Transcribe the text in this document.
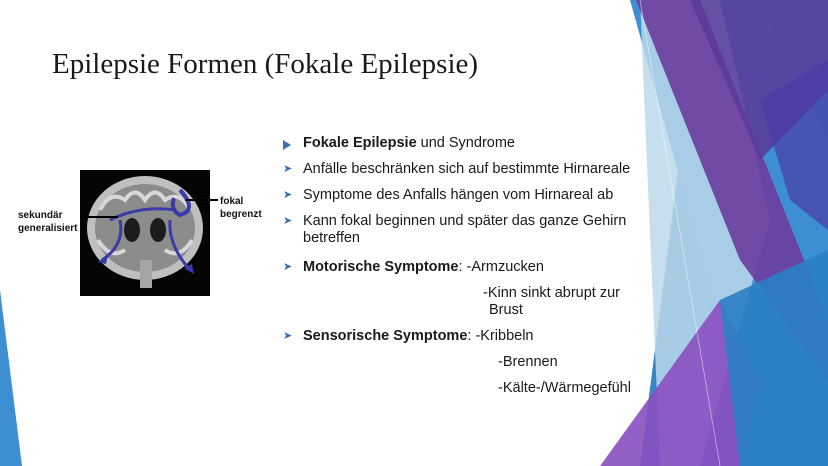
Epilepsie Formen (Fokale Epilepsie)
sekundär
generalisiert
fokal
begrenzt
Fokale Epilepsie und Syndrome
➤ Anfälle beschränken sich auf bestimmte Hirnareale
➤ Symptome des Anfalls hängen vom Hirnareal ab
➤ Kann fokal beginnen und später das ganze Gehirn
betreffen
➤ Motorische Symptome: -Armzucken
-Kinn sinkt abrupt zur
Brust
➤ Sensorische Symptome: -Kribbeln
-Brennen
-Kälte-/Wärmegefühl
